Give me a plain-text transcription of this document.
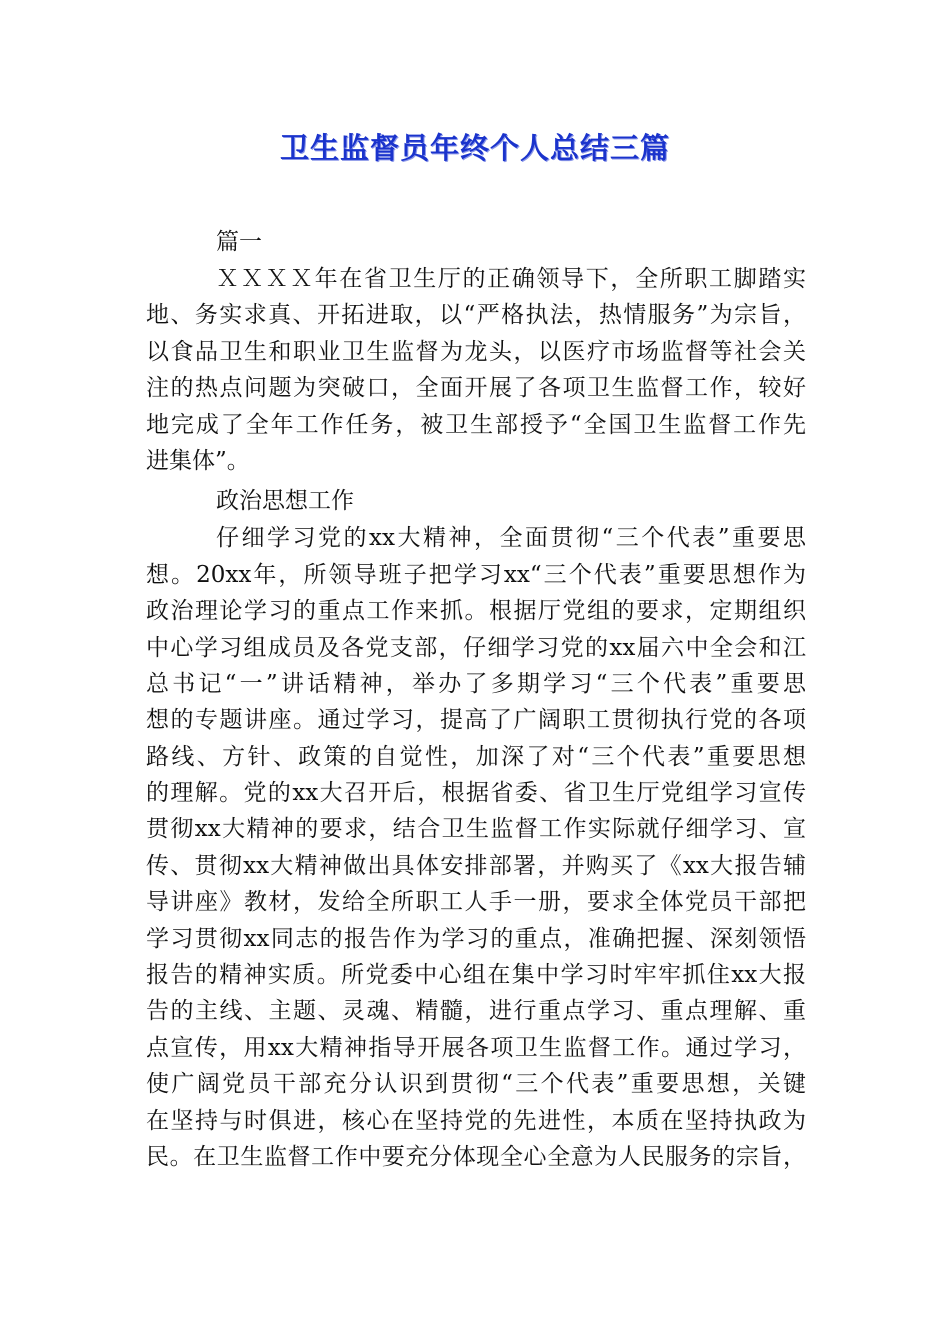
卫生监督员年终个人总结三篇

篇一

ＸＸＸＸ年在省卫生厅的正确领导下，全所职工脚踏实

地、务实求真、开拓进取，以“严格执法，热情服务”为宗旨，

以食品卫生和职业卫生监督为龙头，以医疗市场监督等社会关

注的热点问题为突破口，全面开展了各项卫生监督工作，较好

地完成了全年工作任务，被卫生部授予“全国卫生监督工作先

进集体”。

政治思想工作

仔细学习党的xx大精神，全面贯彻“三个代表”重要思

想。20xx年，所领导班子把学习xx“三个代表”重要思想作为

政治理论学习的重点工作来抓。根据厅党组的要求，定期组织

中心学习组成员及各党支部，仔细学习党的xx届六中全会和江

总书记“一”讲话精神，举办了多期学习“三个代表”重要思

想的专题讲座。通过学习，提高了广阔职工贯彻执行党的各项

路线、方针、政策的自觉性，加深了对“三个代表”重要思想

的理解。党的xx大召开后，根据省委、省卫生厅党组学习宣传

贯彻xx大精神的要求，结合卫生监督工作实际就仔细学习、宣

传、贯彻xx大精神做出具体安排部署，并购买了《xx大报告辅

导讲座》教材，发给全所职工人手一册，要求全体党员干部把

学习贯彻xx同志的报告作为学习的重点，准确把握、深刻领悟

报告的精神实质。所党委中心组在集中学习时牢牢抓住xx大报

告的主线、主题、灵魂、精髓，进行重点学习、重点理解、重

点宣传，用xx大精神指导开展各项卫生监督工作。通过学习，

使广阔党员干部充分认识到贯彻“三个代表”重要思想，关键

在坚持与时俱进，核心在坚持党的先进性，本质在坚持执政为

民。在卫生监督工作中要充分体现全心全意为人民服务的宗旨，
